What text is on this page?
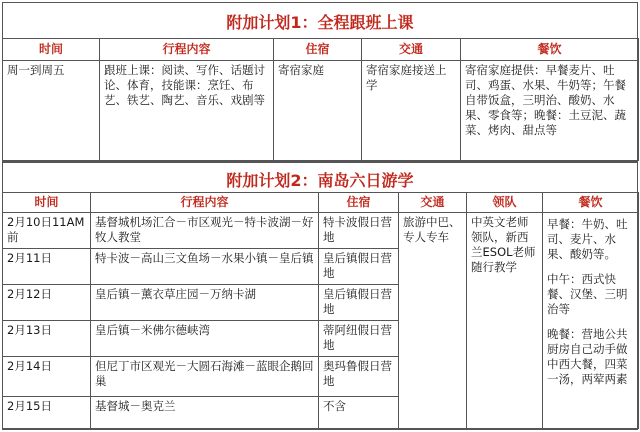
附加计划1：全程跟班上课
时间	行程内容	住宿	交通	餐饮
周一到周五	跟班上课：阅读、写作、话题讨论、体育，技能课：烹饪、布艺、铁艺、陶艺、音乐、戏剧等	寄宿家庭	寄宿家庭接送上学	寄宿家庭提供：早餐麦片、吐司、鸡蛋、水果、牛奶等；午餐自带饭盒，三明治、酸奶、水果、零食等；晚餐：土豆泥、蔬菜、烤肉、甜点等
附加计划2：南岛六日游学
时间	行程内容	住宿	交通	领队	餐饮
2月10日11AM前	基督城机场汇合－市区观光－特卡波湖－好牧人教堂	特卡波假日营地	旅游中巴、专人专车	中英文老师领队，新西兰ESOL老师随行教学	早餐：牛奶、吐司、麦片、水果、酸奶等。
中午：西式快餐、汉堡、三明治等
晚餐：营地公共厨房自己动手做中西大餐，四菜一汤，两荤两素

2月11日	特卡波－高山三文鱼场－水果小镇－皇后镇	皇后镇假日营地			
2月12日	皇后镇－薰衣草庄园－万纳卡湖	皇后镇假日营地			
2月13日	皇后镇－米佛尔德峡湾	蒂阿纽假日营地			
2月14日	但尼丁市区观光－大圆石海滩－蓝眼企鹅回巢	奥玛鲁假日营地			
2月15日	基督城－奥克兰	不含			
